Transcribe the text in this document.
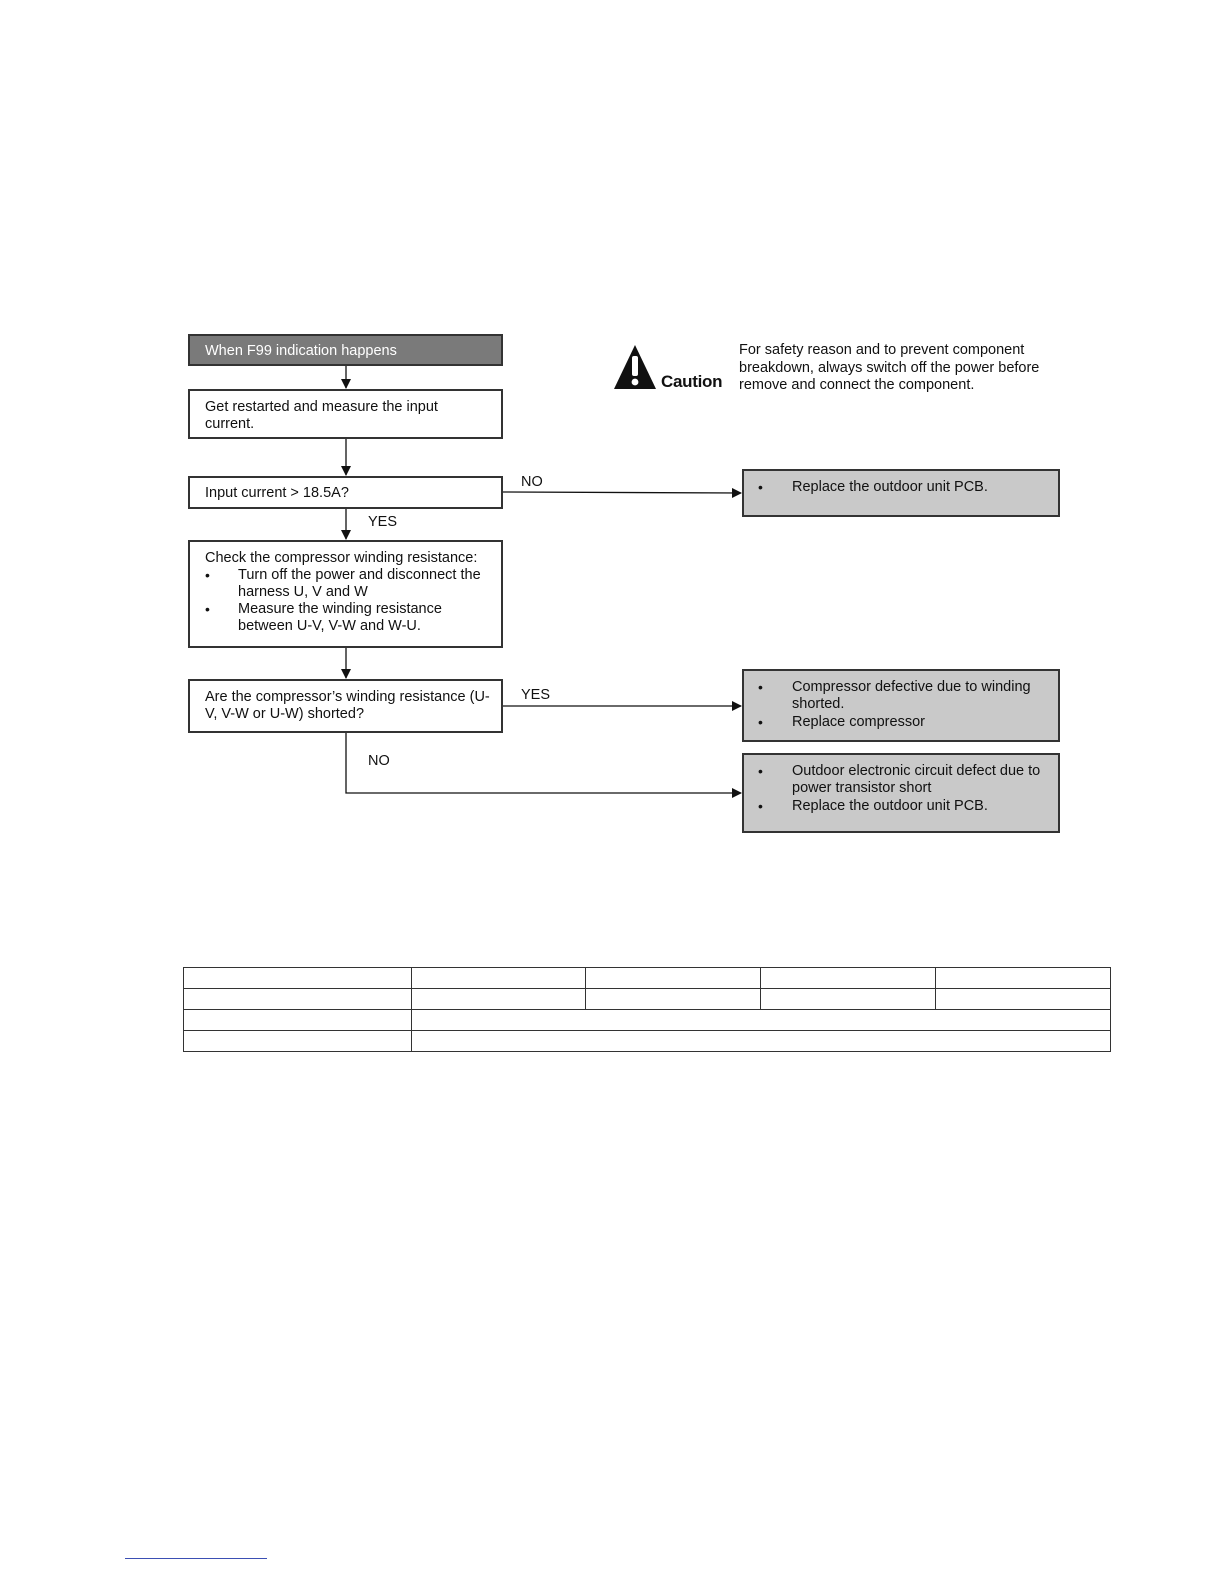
When F99 indication happens
Get restarted and measure the input current.
Input current > 18.5A?
Check the compressor winding resistance:
• Turn off the power and disconnect the harness U, V and W
• Measure the winding resistance between U-V, V-W and W-U.
Are the compressor’s winding resistance (U-V, V-W or U-W) shorted?
• Replace the outdoor unit PCB.
• Compressor defective due to winding shorted.
• Replace compressor
• Outdoor electronic circuit defect due to power transistor short
• Replace the outdoor unit PCB.
NO
YES
YES
NO
Caution
For safety reason and to prevent component breakdown, always switch off the power before remove and connect the component.
